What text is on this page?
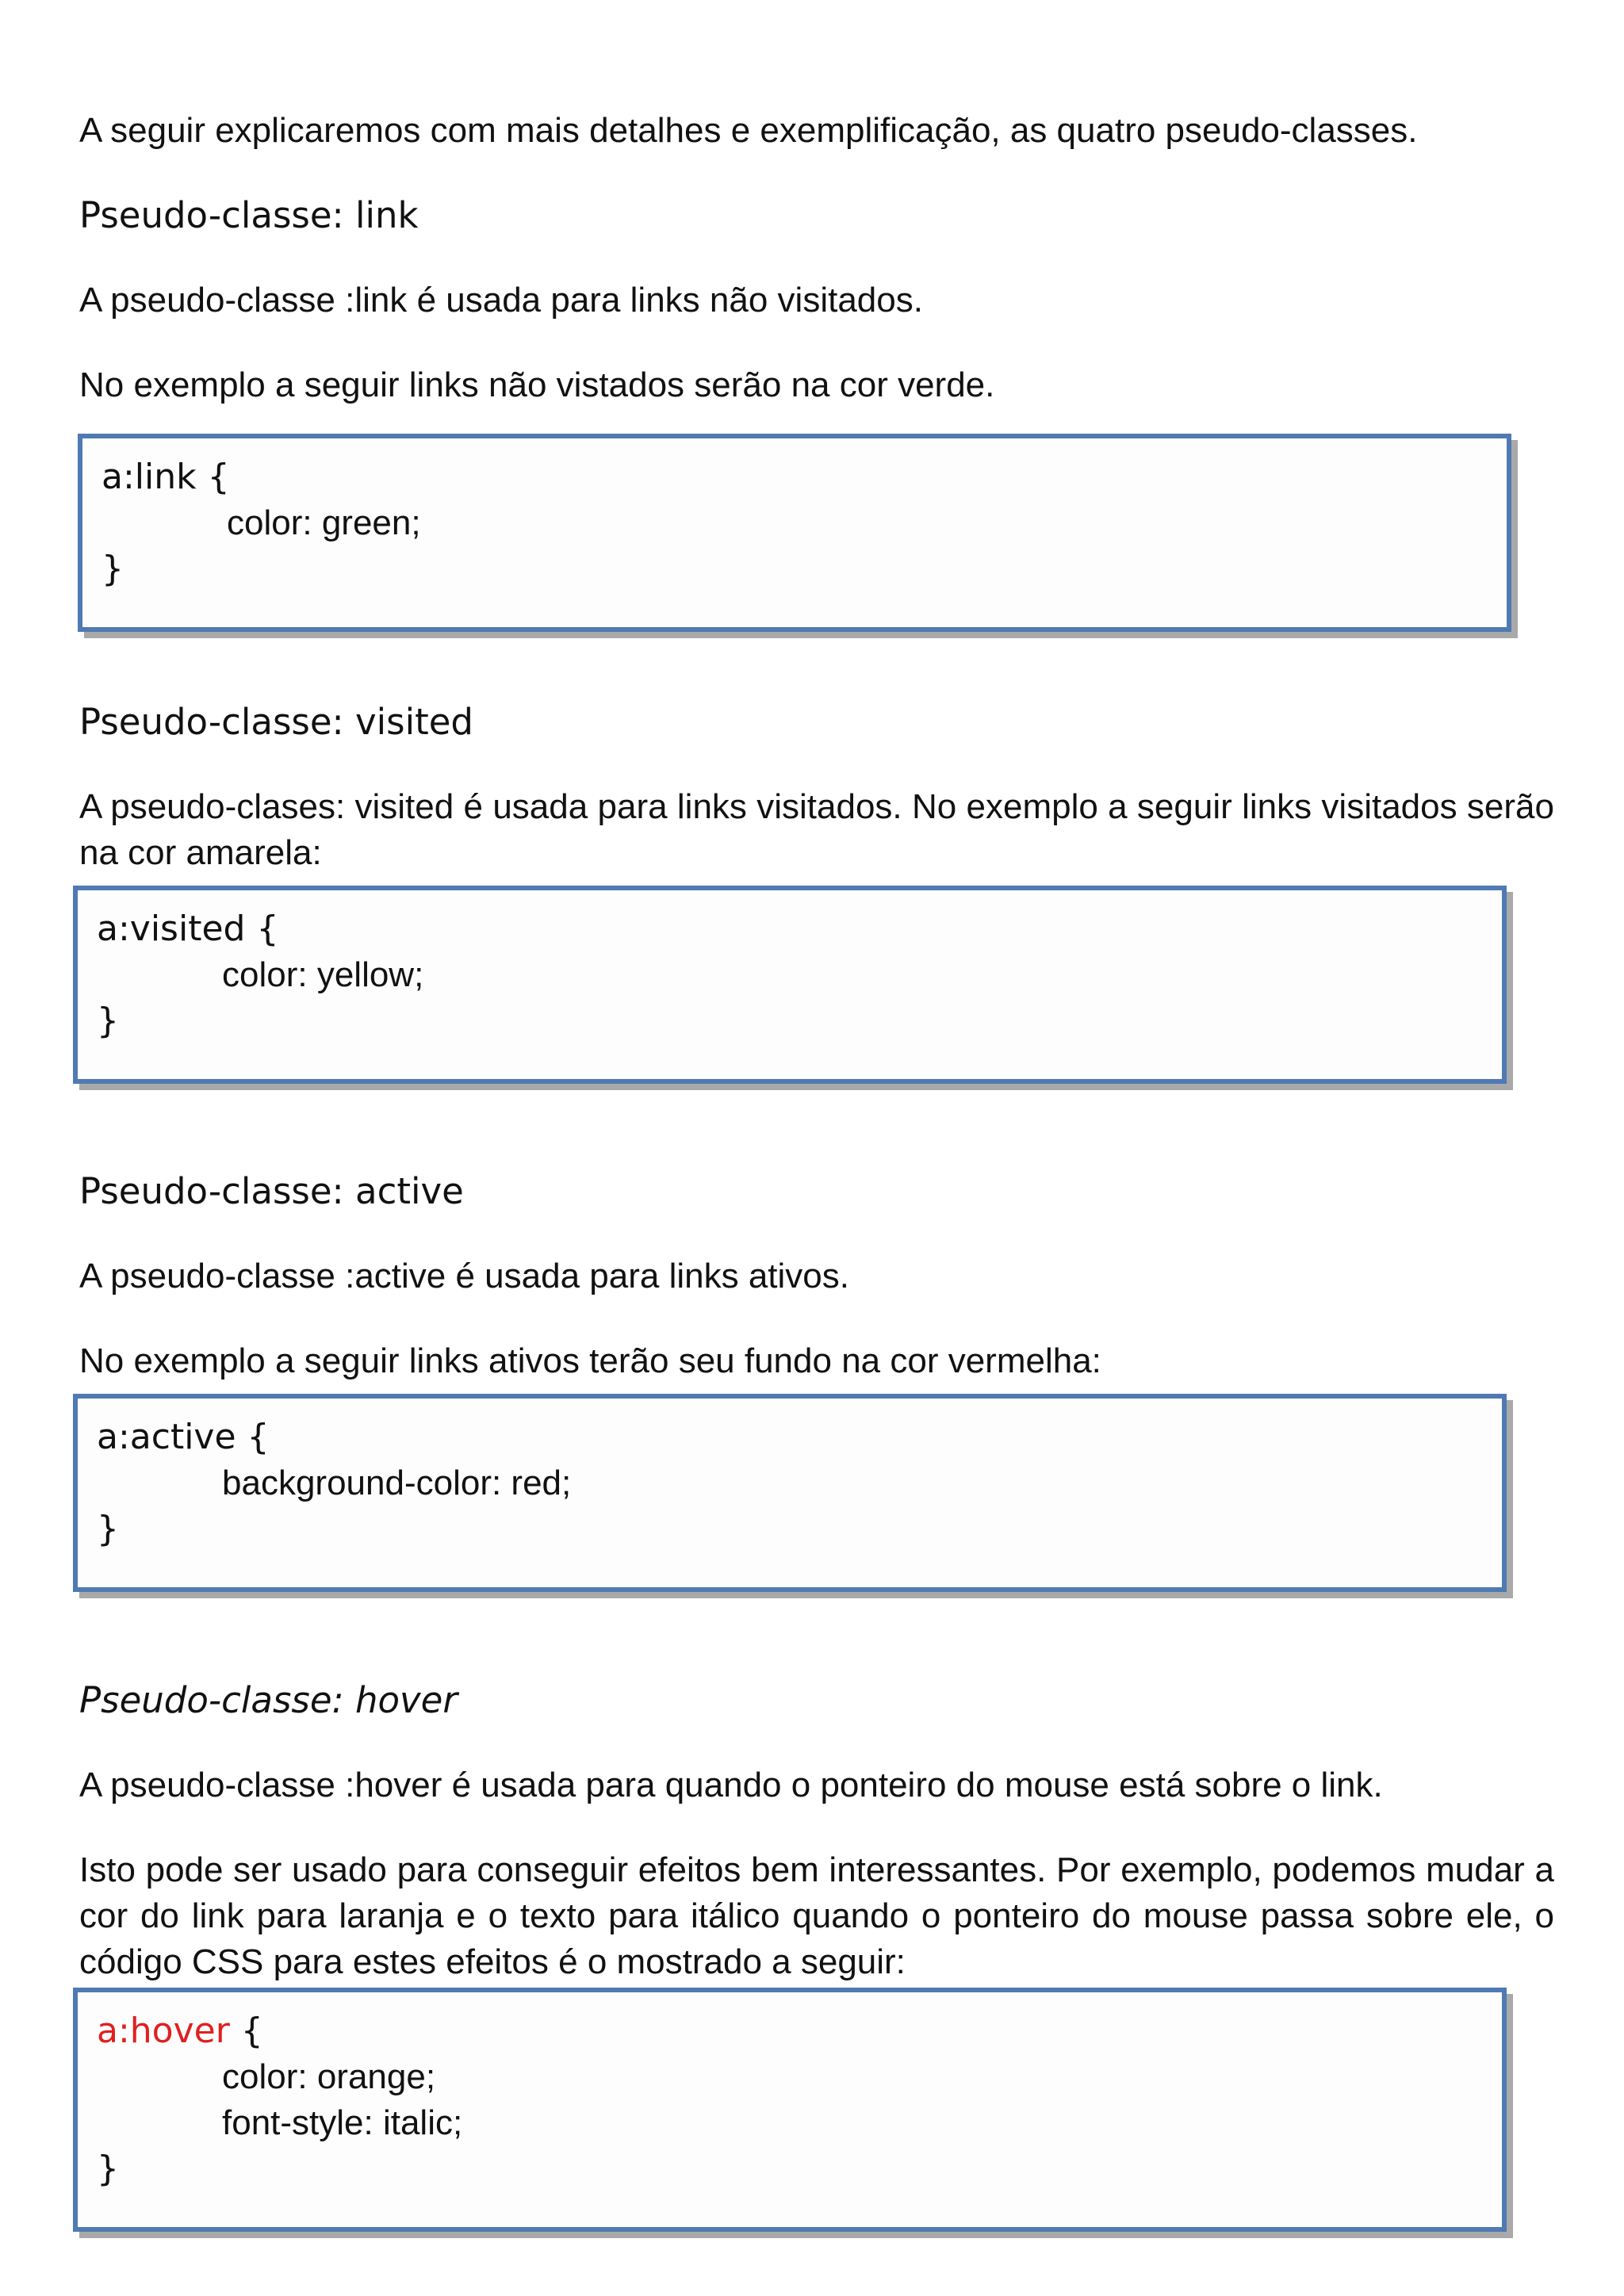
A seguir explicaremos com mais detalhes e exemplificação, as quatro pseudo-classes.

Pseudo-classe: link

A pseudo-classe :link é usada para links não visitados.

No exemplo a seguir links não vistados serão na cor verde.

a:link {
color: green;
}

Pseudo-classe: visited

A pseudo-clases: visited é usada para links visitados. No exemplo a seguir links visitados serão na cor amarela:

a:visited {
color: yellow;
}

Pseudo-classe: active

A pseudo-classe :active é usada para links ativos.

No exemplo a seguir links ativos terão seu fundo na cor vermelha:

a:active {
background-color: red;
}

Pseudo-classe: hover

A pseudo-classe :hover é usada para quando o ponteiro do mouse está sobre o link.

Isto pode ser usado para conseguir efeitos bem interessantes. Por exemplo, podemos mudar a cor do link para laranja e o texto para itálico quando o ponteiro do mouse passa sobre ele, o código CSS para estes efeitos é o mostrado a seguir:

a:hover {
color: orange;
font-style: italic;
}
